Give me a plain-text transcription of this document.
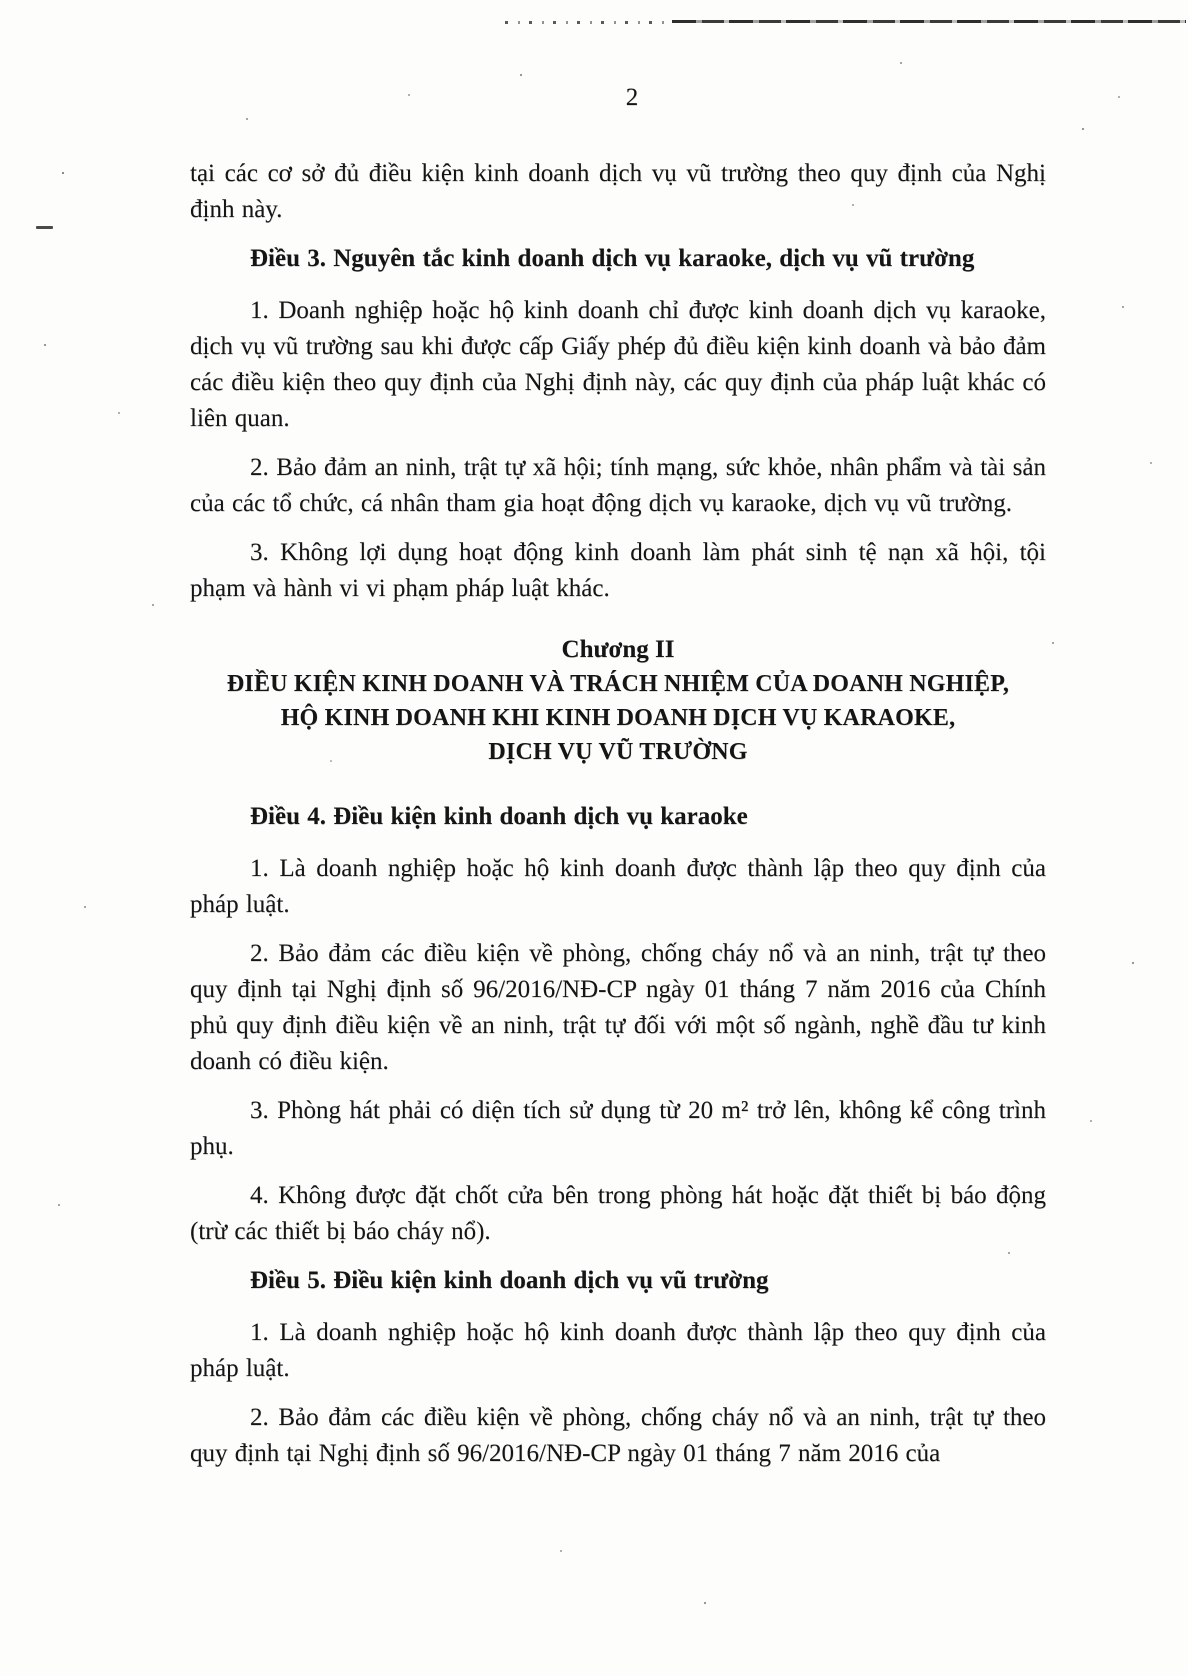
2

tại các cơ sở đủ điều kiện kinh doanh dịch vụ vũ trường theo quy định của Nghị định này.

Điều 3. Nguyên tắc kinh doanh dịch vụ karaoke, dịch vụ vũ trường

1. Doanh nghiệp hoặc hộ kinh doanh chỉ được kinh doanh dịch vụ karaoke, dịch vụ vũ trường sau khi được cấp Giấy phép đủ điều kiện kinh doanh và bảo đảm các điều kiện theo quy định của Nghị định này, các quy định của pháp luật khác có liên quan.

2. Bảo đảm an ninh, trật tự xã hội; tính mạng, sức khỏe, nhân phẩm và tài sản của các tổ chức, cá nhân tham gia hoạt động dịch vụ karaoke, dịch vụ vũ trường.

3. Không lợi dụng hoạt động kinh doanh làm phát sinh tệ nạn xã hội, tội phạm và hành vi vi phạm pháp luật khác.

Chương II
ĐIỀU KIỆN KINH DOANH VÀ TRÁCH NHIỆM CỦA DOANH NGHIỆP,
HỘ KINH DOANH KHI KINH DOANH DỊCH VỤ KARAOKE,
DỊCH VỤ VŨ TRƯỜNG

Điều 4. Điều kiện kinh doanh dịch vụ karaoke

1. Là doanh nghiệp hoặc hộ kinh doanh được thành lập theo quy định của pháp luật.

2. Bảo đảm các điều kiện về phòng, chống cháy nổ và an ninh, trật tự theo quy định tại Nghị định số 96/2016/NĐ-CP ngày 01 tháng 7 năm 2016 của Chính phủ quy định điều kiện về an ninh, trật tự đối với một số ngành, nghề đầu tư kinh doanh có điều kiện.

3. Phòng hát phải có diện tích sử dụng từ 20 m² trở lên, không kể công trình phụ.

4. Không được đặt chốt cửa bên trong phòng hát hoặc đặt thiết bị báo động (trừ các thiết bị báo cháy nổ).

Điều 5. Điều kiện kinh doanh dịch vụ vũ trường

1. Là doanh nghiệp hoặc hộ kinh doanh được thành lập theo quy định của pháp luật.

2. Bảo đảm các điều kiện về phòng, chống cháy nổ và an ninh, trật tự theo quy định tại Nghị định số 96/2016/NĐ-CP ngày 01 tháng 7 năm 2016 của
